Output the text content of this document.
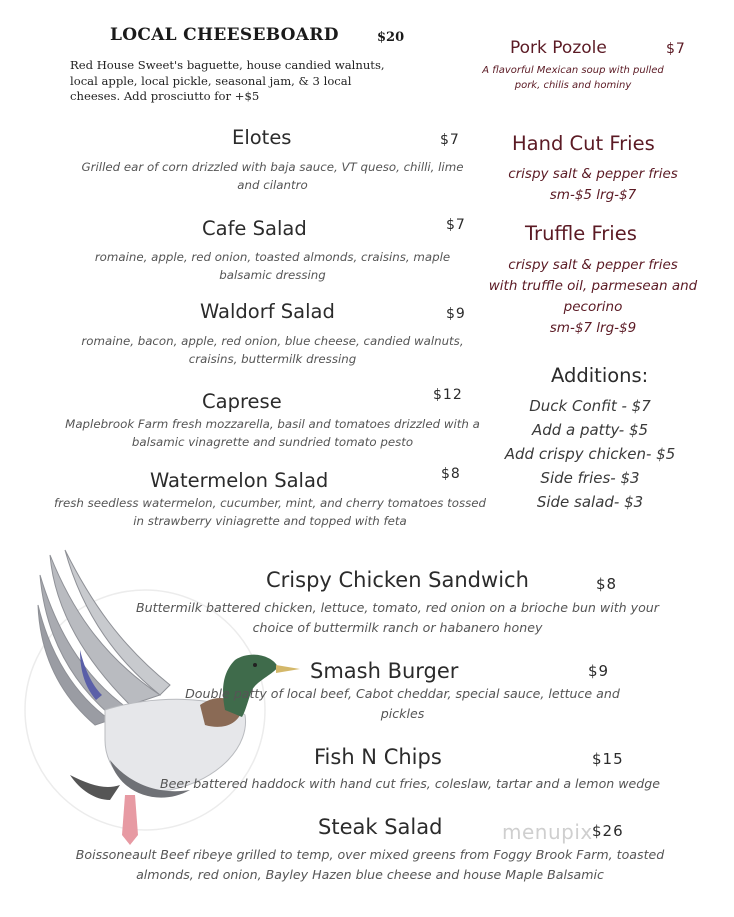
LOCAL CHEESEBOARD	$20
Red House Sweet's baguette, house candied walnuts, local apple, local pickle, seasonal jam, & 3 local cheeses. Add prosciutto for +$5
Elotes	$7
Grilled ear of corn drizzled with baja sauce, VT queso, chilli, lime and cilantro
Cafe Salad	$7
romaine, apple, red onion, toasted almonds, craisins, maple balsamic dressing
Waldorf Salad	$9
romaine, bacon, apple, red onion, blue cheese, candied walnuts, craisins, buttermilk dressing
Caprese	$12
Maplebrook Farm fresh mozzarella, basil and tomatoes drizzled with a balsamic vinagrette and sundried tomato pesto
Watermelon Salad	$8
fresh seedless watermelon, cucumber, mint, and cherry tomatoes tossed in strawberry viniagrette and topped with feta
Pork Pozole	$7
A flavorful Mexican soup with pulled pork, chilis and hominy
Hand Cut Fries
crispy salt & pepper fries
sm-$5 lrg-$7
Truffle Fries
crispy salt & pepper fries
with truffle oil, parmesean and
pecorino
sm-$7 lrg-$9
Additions:
Duck Confit - $7
Add a patty- $5
Add crispy chicken- $5
Side fries- $3
Side salad- $3
Crispy Chicken Sandwich	$8
Buttermilk battered chicken, lettuce, tomato, red onion on a brioche bun with your choice of buttermilk ranch or habanero honey
Smash Burger	$9
Double patty of local beef, Cabot cheddar, special sauce, lettuce and pickles
Fish N Chips	$15
Beer battered haddock with hand cut fries, coleslaw, tartar and a lemon wedge
Steak Salad	menupix $26
Boissoneault Beef ribeye grilled to temp, over mixed greens from Foggy Brook Farm, toasted almonds, red onion, Bayley Hazen blue cheese and house Maple Balsamic
